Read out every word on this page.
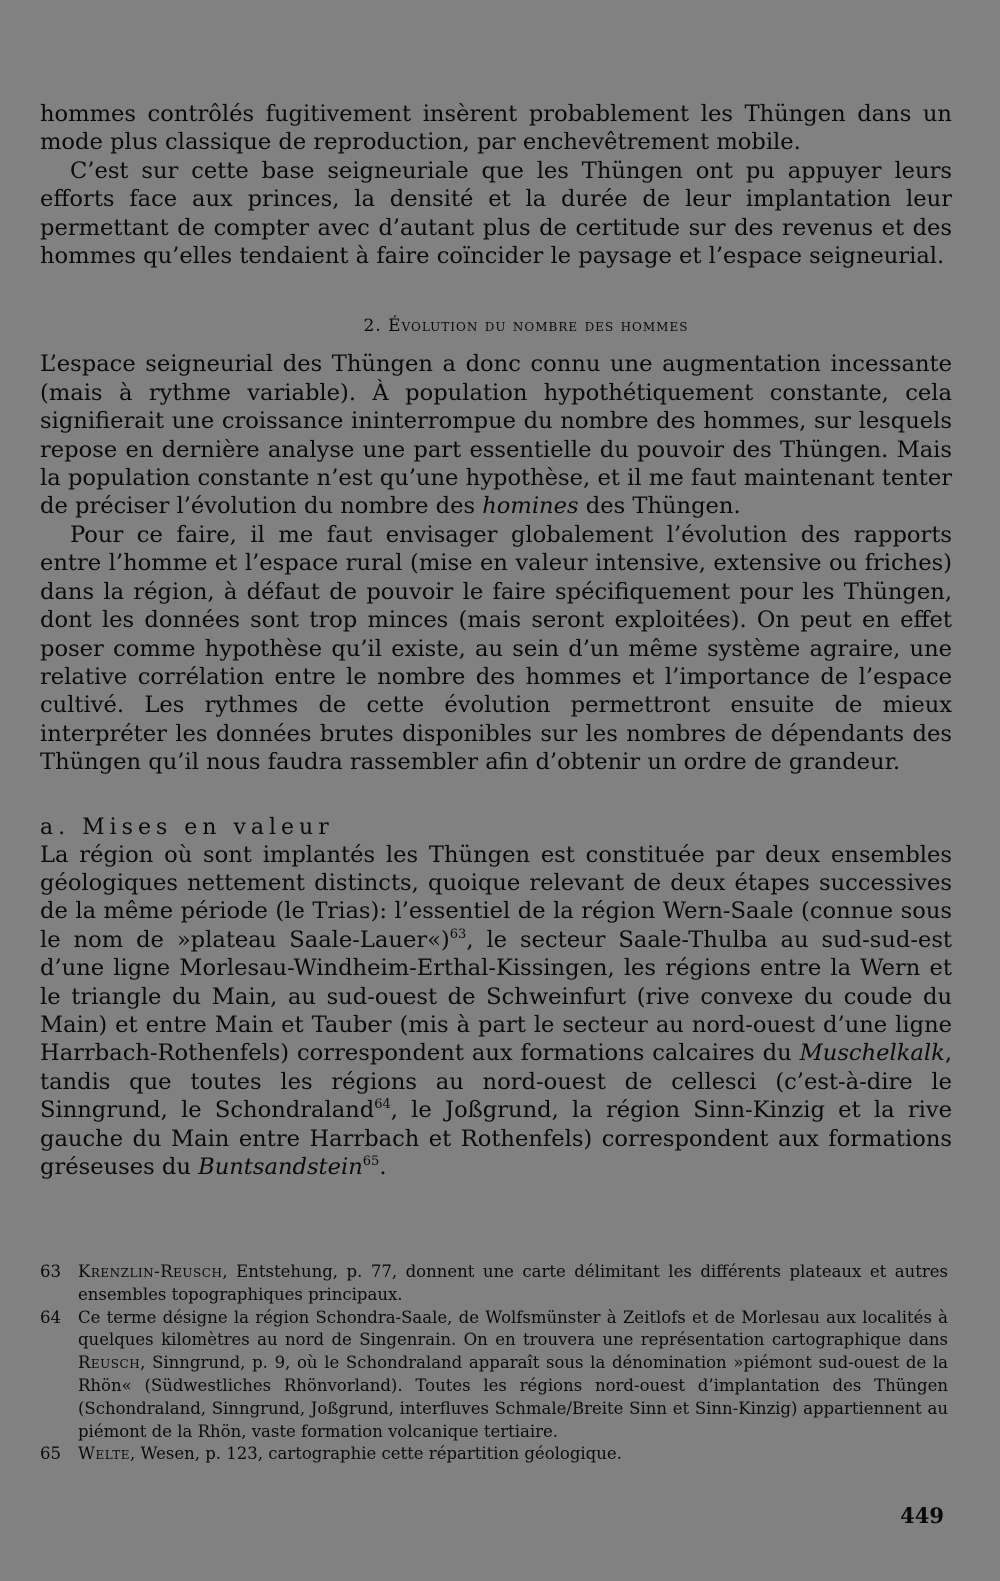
hommes contrôlés fugitivement insèrent probablement les Thüngen dans un mode plus classique de reproduction, par enchevêtrement mobile.

C’est sur cette base seigneuriale que les Thüngen ont pu appuyer leurs efforts face aux princes, la densité et la durée de leur implantation leur permettant de compter avec d’autant plus de certitude sur des revenus et des hommes qu’elles tendaient à faire coïncider le paysage et l’espace seigneurial.

2. Évolution du nombre des hommes

L’espace seigneurial des Thüngen a donc connu une augmentation incessante (mais à rythme variable). À population hypothétiquement constante, cela signifierait une croissance ininterrompue du nombre des hommes, sur lesquels repose en dernière analyse une part essentielle du pouvoir des Thüngen. Mais la population constante n’est qu’une hypothèse, et il me faut maintenant tenter de préciser l’évolution du nombre des homines des Thüngen.

Pour ce faire, il me faut envisager globalement l’évolution des rapports entre l’homme et l’espace rural (mise en valeur intensive, extensive ou friches) dans la région, à défaut de pouvoir le faire spécifiquement pour les Thüngen, dont les données sont trop minces (mais seront exploitées). On peut en effet poser comme hypothèse qu’il existe, au sein d’un même système agraire, une relative corrélation entre le nombre des hommes et l’importance de l’espace cultivé. Les rythmes de cette évolution permettront ensuite de mieux interpréter les données brutes disponibles sur les nombres de dépendants des Thüngen qu’il nous faudra rassembler afin d’obtenir un ordre de grandeur.

a. Mises en valeur

La région où sont implantés les Thüngen est constituée par deux ensembles géologiques nettement distincts, quoique relevant de deux étapes successives de la même période (le Trias): l’essentiel de la région Wern-Saale (connue sous le nom de »plateau Saale-Lauer«)$^{63}$, le secteur Saale-Thulba au sud-sud-est d’une ligne Morlesau-Windheim-Erthal-Kissingen, les régions entre la Wern et le triangle du Main, au sud-ouest de Schweinfurt (rive convexe du coude du Main) et entre Main et Tauber (mis à part le secteur au nord-ouest d’une ligne Harrbach-Rothenfels) correspondent aux formations calcaires du Muschelkalk, tandis que toutes les régions au nord-ouest de cellesci (c’est-à-dire le Sinngrund, le Schondraland$^{64}$, le Joßgrund, la région Sinn-Kinzig et la rive gauche du Main entre Harrbach et Rothenfels) correspondent aux formations gréseuses du Buntsandstein$^{65}$.

63	Krenzlin-Reusch, Entstehung, p. 77, donnent une carte délimitant les différents plateaux et autres ensembles topographiques principaux.
64	Ce terme désigne la région Schondra-Saale, de Wolfsmünster à Zeitlofs et de Morlesau aux localités à quelques kilomètres au nord de Singenrain. On en trouvera une représentation cartographique dans Reusch, Sinngrund, p. 9, où le Schondraland apparaît sous la dénomination »piémont sud-ouest de la Rhön« (Südwestliches Rhönvorland). Toutes les régions nord-ouest d’implantation des Thüngen (Schondraland, Sinngrund, Joßgrund, interfluves Schmale/Breite Sinn et Sinn-Kinzig) appartiennent au piémont de la Rhön, vaste formation volcanique tertiaire.
65	Welte, Wesen, p. 123, cartographie cette répartition géologique.
449
